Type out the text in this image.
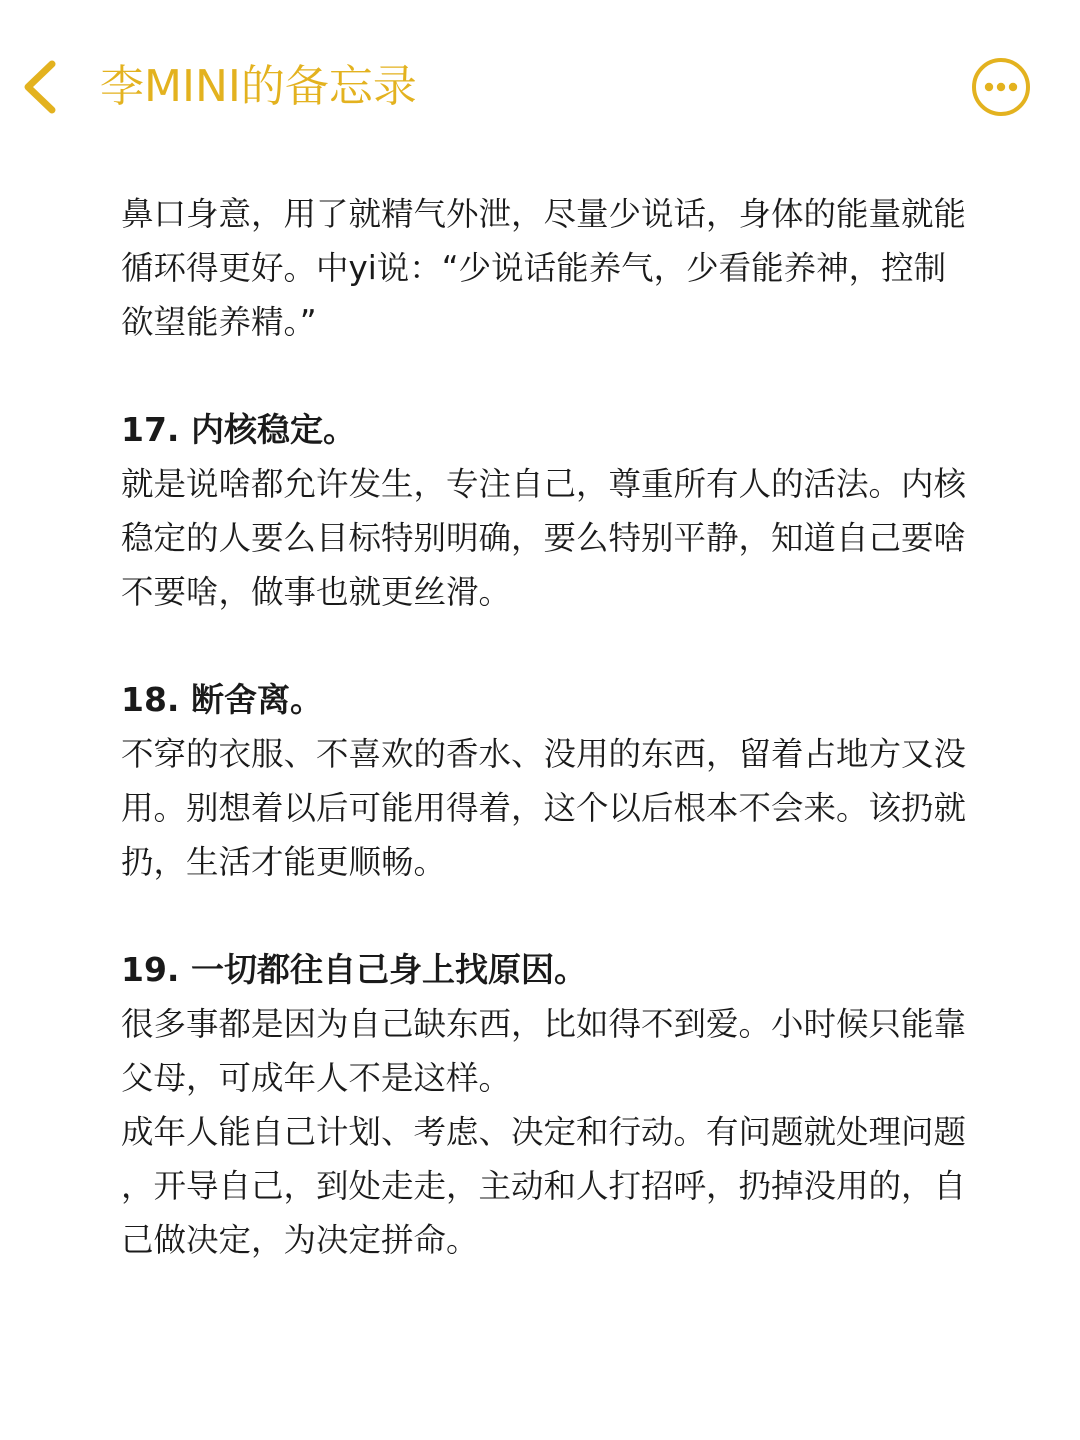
李MINI的备忘录
鼻口身意，用了就精气外泄，尽量少说话，身体的能量就能
循环得更好。中yi说：“少说话能养气，少看能养神，控制
欲望能养精。”
17. 内核稳定。
就是说啥都允许发生，专注自己，尊重所有人的活法。内核
稳定的人要么目标特别明确，要么特别平静，知道自己要啥
不要啥，做事也就更丝滑。
18. 断舍离。
不穿的衣服、不喜欢的香水、没用的东西，留着占地方又没
用。别想着以后可能用得着，这个以后根本不会来。该扔就
扔，生活才能更顺畅。
19. 一切都往自己身上找原因。
很多事都是因为自己缺东西，比如得不到爱。小时候只能靠
父母，可成年人不是这样。
成年人能自己计划、考虑、决定和行动。有问题就处理问题
，开导自己，到处走走，主动和人打招呼，扔掉没用的，自
己做决定，为决定拼命。
